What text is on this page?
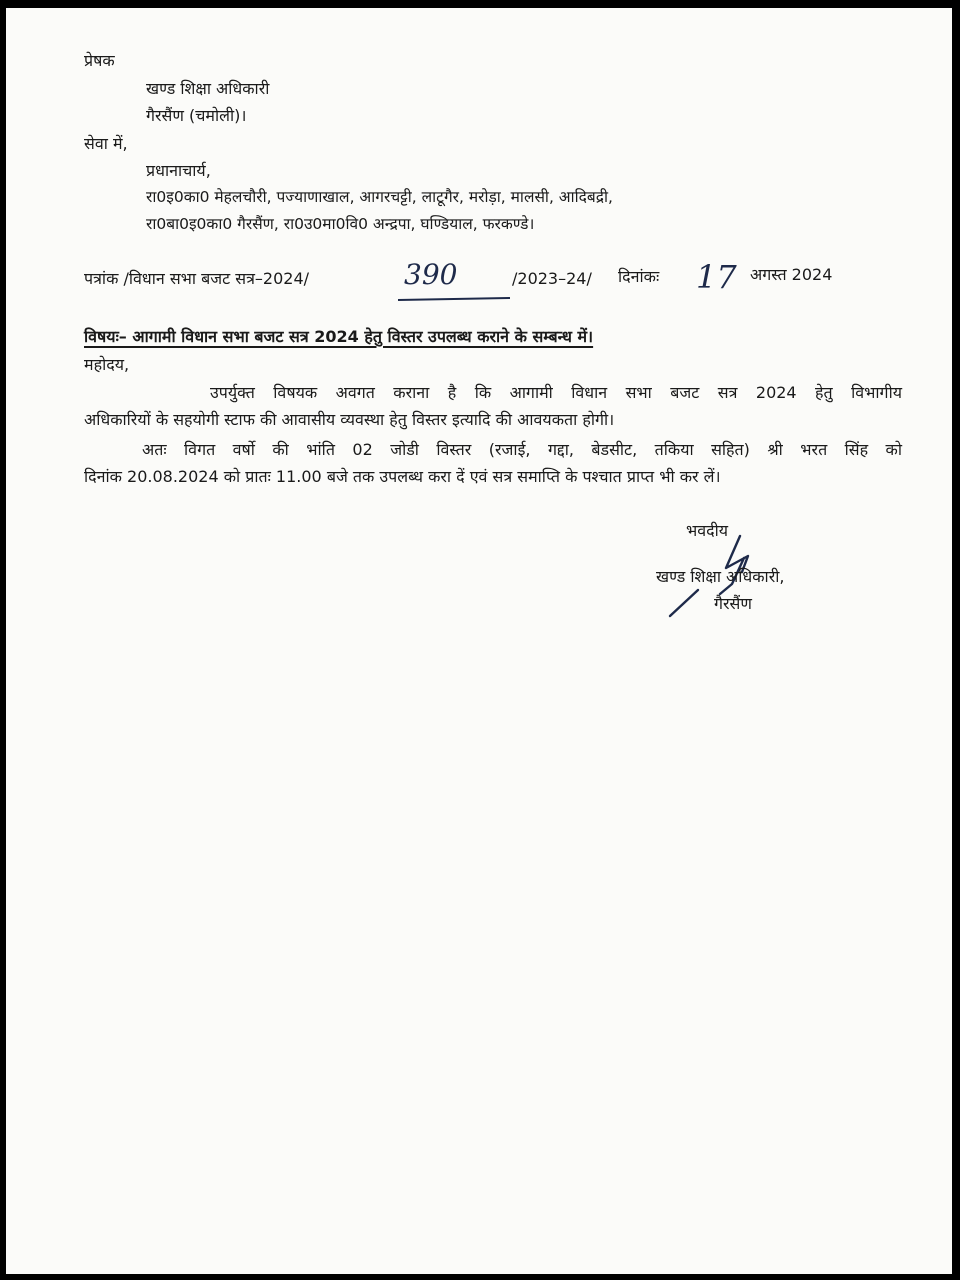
प्रेषक
खण्ड शिक्षा अधिकारी
गैरसैंण (चमोली)।
सेवा में,
प्रधानाचार्य,
रा0इ0का0 मेहलचौरी, पज्याणाखाल, आगरचट्टी, लाटूगैर, मरोड़ा, मालसी, आदिबद्री,
रा0बा0इ0का0 गैरसैंण, रा0उ0मा0वि0 अन्द्रपा, घण्डियाल, फरकण्डे।
पत्रांक /विधान सभा बजट सत्र–2024/	390	/2023–24/ दिनांकः 17 अगस्त 2024
विषयः– आगामी विधान सभा बजट सत्र 2024 हेतु विस्तर उपलब्ध कराने के सम्बन्ध में।
महोदय,
उपर्युक्त विषयक अवगत कराना है कि आगामी विधान सभा बजट सत्र 2024 हेतु विभागीय
अधिकारियों के सहयोगी स्टाफ की आवासीय व्यवस्था हेतु विस्तर इत्यादि की आवयकता होगी।
अतः विगत वर्षो की भांति 02 जोडी विस्तर (रजाई, गद्दा, बेडसीट, तकिया सहित) श्री भरत सिंह को
दिनांक 20.08.2024 को प्रातः 11.00 बजे तक उपलब्ध करा दें एवं सत्र समाप्ति के पश्चात प्राप्त भी कर लें।
भवदीय
खण्ड शिक्षा अधिकारी,
गैरसैंण
